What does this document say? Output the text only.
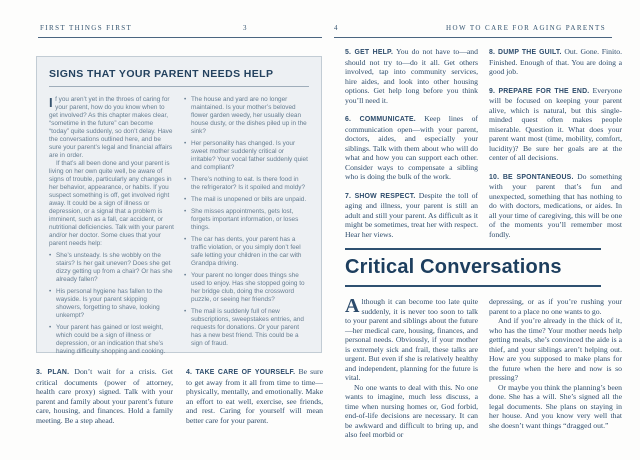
FIRST THINGS FIRST	3
SIGNS THAT YOUR PARENT NEEDS HELP

If you aren’t yet in the throes of caring for your parent, how do you know when to get involved? As this chapter makes clear, “sometime in the future” can become “today” quite suddenly, so don’t delay. Have the conversations outlined here, and be sure your parent’s legal and financial affairs are in order.

If that’s all been done and your parent is living on her own quite well, be aware of signs of trouble, particularly any changes in her behavior, appearance, or habits. If you suspect something is off, get involved right away. It could be a sign of illness or depression, or a signal that a problem is imminent, such as a fall, car accident, or nutritional deficiencies. Talk with your parent and/or her doctor. Some clues that your parent needs help:

• She’s unsteady. Is she wobbly on the stairs? Is her gait uneven? Does she get dizzy getting up from a chair? Or has she already fallen?
• His personal hygiene has fallen to the wayside. Is your parent skipping showers, forgetting to shave, looking unkempt?
• Your parent has gained or lost weight, which could be a sign of illness or depression, or an indication that she’s having difficulty shopping and cooking.
• The house and yard are no longer maintained. Is your mother’s beloved flower garden weedy, her usually clean house dusty, or the dishes piled up in the sink?
• Her personality has changed. Is your sweet mother suddenly critical or irritable? Your vocal father suddenly quiet and compliant?
• There’s nothing to eat. Is there food in the refrigerator? Is it spoiled and moldy?
• The mail is unopened or bills are unpaid.
• She misses appointments, gets lost, forgets important information, or loses things.
• The car has dents, your parent has a traffic violation, or you simply don’t feel safe letting your children in the car with Grandpa driving.
• Your parent no longer does things she used to enjoy. Has she stopped going to her bridge club, doing the crossword puzzle, or seeing her friends?
• The mail is suddenly full of new subscriptions, sweepstakes entries, and requests for donations. Or your parent has a new best friend. This could be a sign of fraud.

3. PLAN. Don’t wait for a crisis. Get critical documents (power of attorney, health care proxy) signed. Talk with your parent and family about your parent’s future care, housing, and finances. Hold a family meeting. Be a step ahead.

4. TAKE CARE OF YOURSELF. Be sure to get away from it all from time to time—physically, mentally, and emotionally. Make an effort to eat well, exercise, see friends, and rest. Caring for yourself will mean better care for your parent.

4	HOW TO CARE FOR AGING PARENTS

5. GET HELP. You do not have to—and should not try to—do it all. Get others involved, tap into community services, hire aides, and look into other housing options. Get help long before you think you’ll need it.

6. COMMUNICATE. Keep lines of communication open—with your parent, doctors, aides, and especially your siblings. Talk with them about who will do what and how you can support each other. Consider ways to compensate a sibling who is doing the bulk of the work.

7. SHOW RESPECT. Despite the toll of aging and illness, your parent is still an adult and still your parent. As difficult as it might be sometimes, treat her with respect. Hear her views.

8. DUMP THE GUILT. Out. Gone. Finito. Finished. Enough of that. You are doing a good job.

9. PREPARE FOR THE END. Everyone will be focused on keeping your parent alive, which is natural, but this single-minded quest often makes people miserable. Question it. What does your parent want most (time, mobility, comfort, lucidity)? Be sure her goals are at the center of all decisions.

10. BE SPONTANEOUS. Do something with your parent that’s fun and unexpected, something that has nothing to do with doctors, medications, or aides. In all your time of caregiving, this will be one of the moments you’ll remember most fondly.

Critical Conversations

Although it can become too late quite suddenly, it is never too soon to talk to your parent and siblings about the future—her medical care, housing, finances, and personal needs. Obviously, if your mother is extremely sick and frail, these talks are urgent. But even if she is relatively healthy and independent, planning for the future is vital.

No one wants to deal with this. No one wants to imagine, much less discuss, a time when nursing homes or, God forbid, end-of-life decisions are necessary. It can be awkward and difficult to bring up, and also feel morbid or

depressing, or as if you’re rushing your parent to a place no one wants to go.

And if you’re already in the thick of it, who has the time? Your mother needs help getting meals, she’s convinced the aide is a thief, and your siblings aren’t helping out. How are you supposed to make plans for the future when the here and now is so pressing?

Or maybe you think the planning’s been done. She has a will. She’s signed all the legal documents. She plans on staying in her house. And you know very well that she doesn’t want things “dragged out.”
